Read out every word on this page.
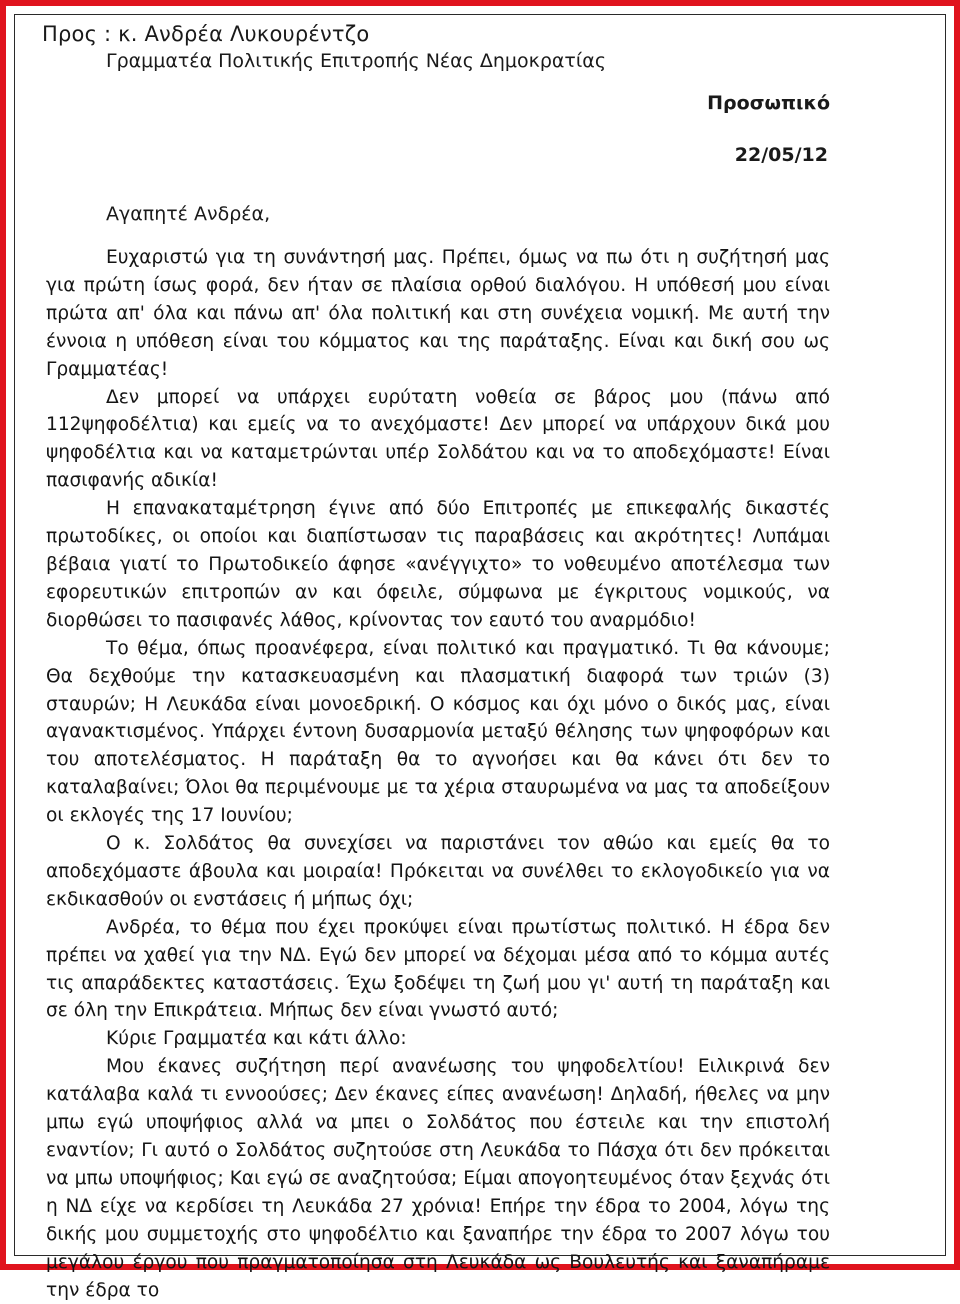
Προς : κ. Ανδρέα Λυκουρέντζο
Γραμματέα Πολιτικής Επιτροπής Νέας Δημοκρατίας
Προσωπικό
22/05/12
Αγαπητέ Ανδρέα,

Ευχαριστώ για τη συνάντησή μας. Πρέπει, όμως να πω ότι η συζήτησή μας για πρώτη ίσως φορά, δεν ήταν σε πλαίσια ορθού διαλόγου. Η υπόθεσή μου είναι πρώτα απ' όλα και πάνω απ' όλα πολιτική και στη συνέχεια νομική. Με αυτή την έννοια η υπόθεση είναι του κόμματος και της παράταξης. Είναι και δική σου ως Γραμματέας!

Δεν μπορεί να υπάρχει ευρύτατη νοθεία σε βάρος μου (πάνω από 112ψηφοδέλτια) και εμείς να το ανεχόμαστε! Δεν μπορεί να υπάρχουν δικά μου ψηφοδέλτια και να καταμετρώνται υπέρ Σολδάτου και να το αποδεχόμαστε! Είναι πασιφανής αδικία!

Η επανακαταμέτρηση έγινε από δύο Επιτροπές με επικεφαλής δικαστές πρωτοδίκες, οι οποίοι και διαπίστωσαν τις παραβάσεις και ακρότητες! Λυπάμαι βέβαια γιατί το Πρωτοδικείο άφησε «ανέγγιχτο» το νοθευμένο αποτέλεσμα των εφορευτικών επιτροπών αν και όφειλε, σύμφωνα με έγκριτους νομικούς, να διορθώσει το πασιφανές λάθος, κρίνοντας τον εαυτό του αναρμόδιο!

Το θέμα, όπως προανέφερα, είναι πολιτικό και πραγματικό. Τι θα κάνουμε; Θα δεχθούμε την κατασκευασμένη και πλασματική διαφορά των τριών (3) σταυρών; Η Λευκάδα είναι μονοεδρική. Ο κόσμος και όχι μόνο ο δικός μας, είναι αγανακτισμένος. Υπάρχει έντονη δυσαρμονία μεταξύ θέλησης των ψηφοφόρων και του αποτελέσματος. Η παράταξη θα το αγνοήσει και θα κάνει ότι δεν το καταλαβαίνει; Όλοι θα περιμένουμε με τα χέρια σταυρωμένα να μας τα αποδείξουν οι εκλογές της 17 Ιουνίου;

Ο κ. Σολδάτος θα συνεχίσει να παριστάνει τον αθώο και εμείς θα το αποδεχόμαστε άβουλα και μοιραία! Πρόκειται να συνέλθει το εκλογοδικείο για να εκδικασθούν οι ενστάσεις ή μήπως όχι;

Ανδρέα, το θέμα που έχει προκύψει είναι πρωτίστως πολιτικό. Η έδρα δεν πρέπει να χαθεί για την ΝΔ. Εγώ δεν μπορεί να δέχομαι μέσα από το κόμμα αυτές τις απαράδεκτες καταστάσεις. Έχω ξοδέψει τη ζωή μου γι' αυτή τη παράταξη και σε όλη την Επικράτεια. Μήπως δεν είναι γνωστό αυτό;

Κύριε Γραμματέα και κάτι άλλο:

Μου έκανες συζήτηση περί ανανέωσης του ψηφοδελτίου! Ειλικρινά δεν κατάλαβα καλά τι εννοούσες; Δεν έκανες είπες ανανέωση! Δηλαδή, ήθελες να μην μπω εγώ υποψήφιος αλλά να μπει ο Σολδάτος που έστειλε και την επιστολή εναντίον; Γι αυτό ο Σολδάτος συζητούσε στη Λευκάδα το Πάσχα ότι δεν πρόκειται να μπω υποψήφιος; Και εγώ σε αναζητούσα; Είμαι απογοητευμένος όταν ξεχνάς ότι η ΝΔ είχε να κερδίσει τη Λευκάδα 27 χρόνια! Επήρε την έδρα το 2004, λόγω της δικής μου συμμετοχής στο ψηφοδέλτιο και ξαναπήρε την έδρα το 2007 λόγω του μεγάλου έργου που πραγματοποίησα στη Λευκάδα ως Βουλευτής και ξαναπήραμε την έδρα το
